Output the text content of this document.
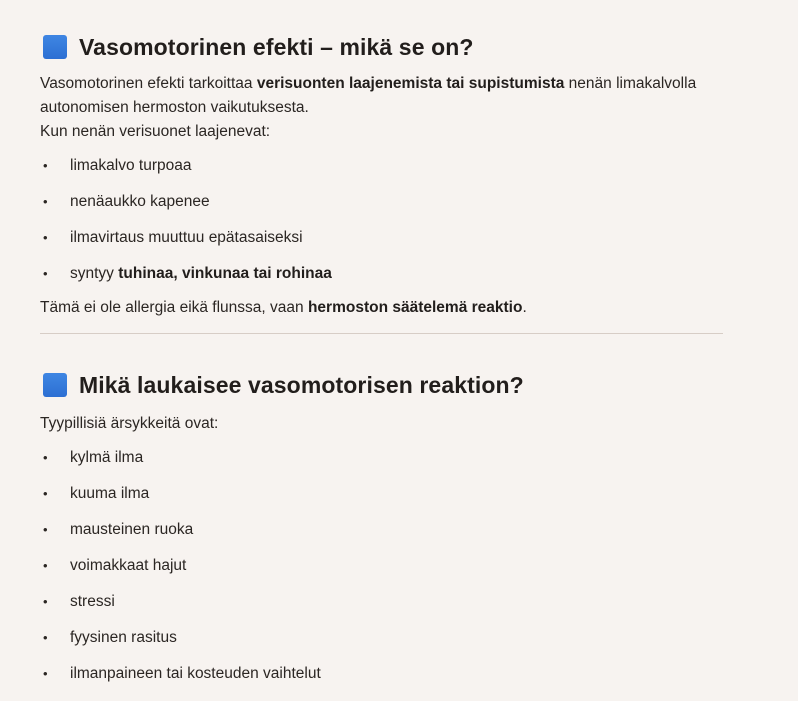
Vasomotorinen efekti – mikä se on?

Vasomotorinen efekti tarkoittaa verisuonten laajenemista tai supistumista nenän limakalvolla autonomisen hermoston vaikutuksesta.

Kun nenän verisuonet laajenevat:

• limakalvo turpoaa
• nenäaukko kapenee
• ilmavirtaus muuttuu epätasaiseksi
• syntyy tuhinaa, vinkunaa tai rohinaa

Tämä ei ole allergia eikä flunssa, vaan hermoston säätelemä reaktio.

Mikä laukaisee vasomotorisen reaktion?

Tyypillisiä ärsykkeitä ovat:

• kylmä ilma
• kuuma ilma
• mausteinen ruoka
• voimakkaat hajut
• stressi
• fyysinen rasitus
• ilmanpaineen tai kosteuden vaihtelut
